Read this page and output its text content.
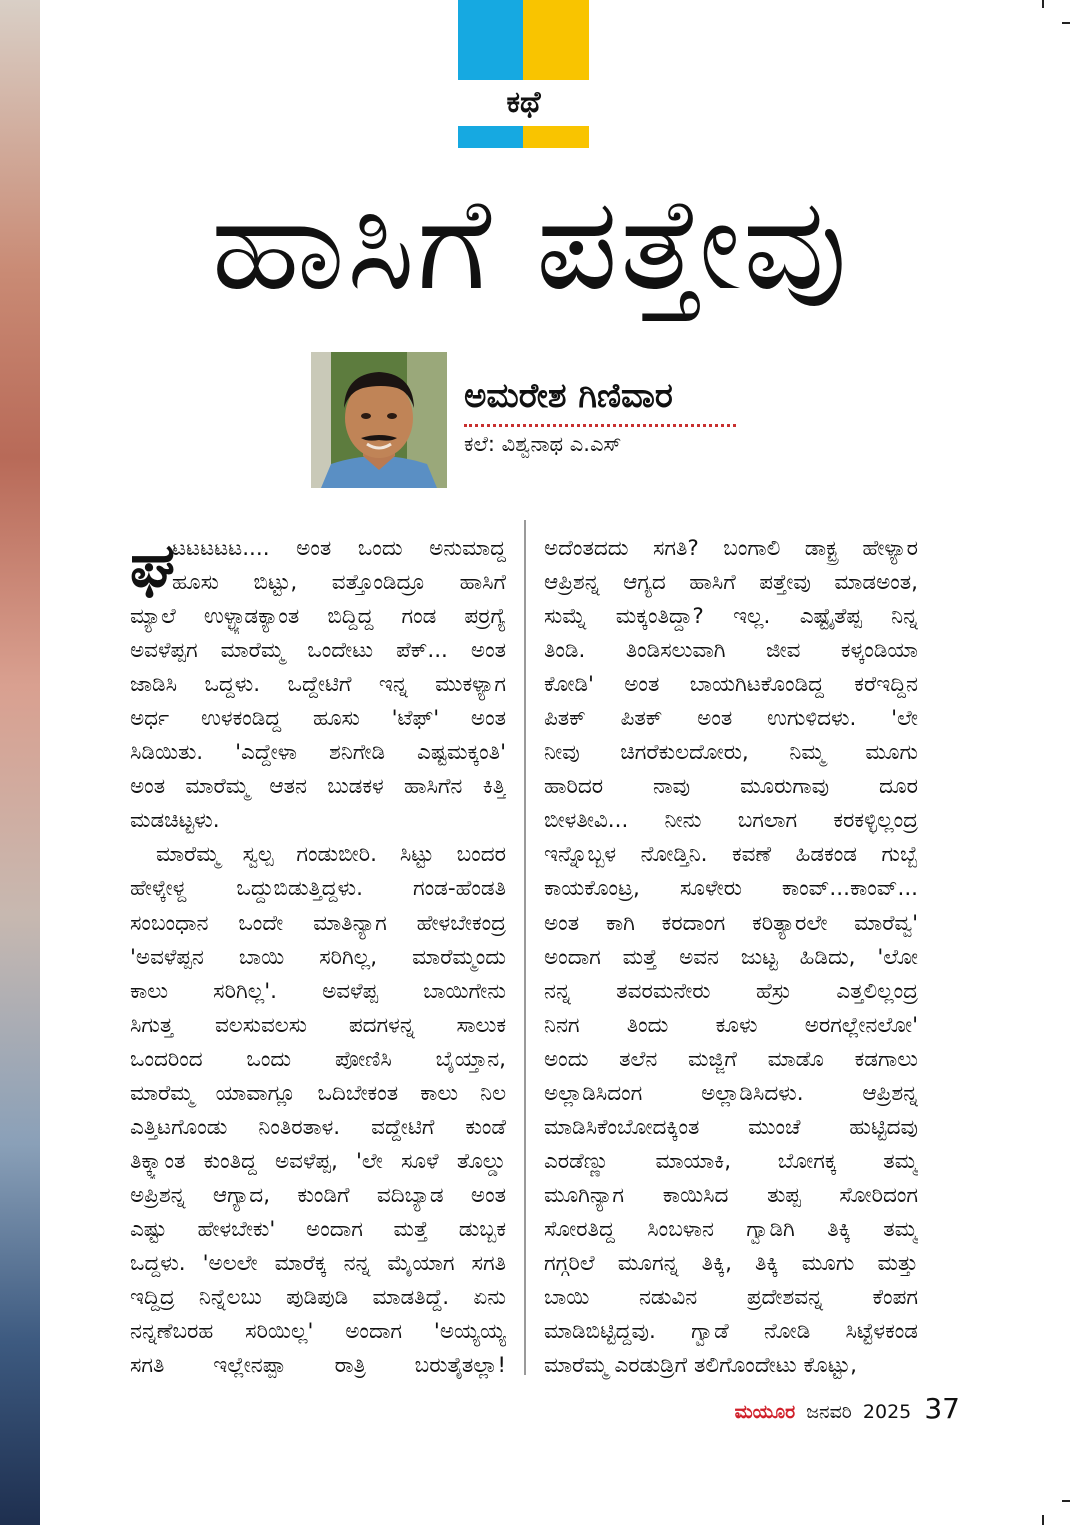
ಕಥೆ
ಹಾಸಿಗೆ ಪತ್ತೇವು
ಅಮರೇಶ ಗಿಣಿವಾರ
ಕಲೆ: ವಿಶ್ವನಾಥ ಎ.ಎಸ್
ಘ
ಟಟಟಟಟ.... ಅಂತ ಒಂದು ಅನುಮಾದ್ದ
ಹೂಸು ಬಿಟ್ಟು, ವತ್ತೊಂಡಿದ್ರೂ ಹಾಸಿಗೆ
ಮ್ಯಾಲೆ ಉಳ್ಳ್ಯಾಡಕ್ಯಾಂತ ಬಿದ್ದಿದ್ದ ಗಂಡ ಪರ್ರಗ್ಯೆ
ಅವಳೆಪ್ಪಗ ಮಾರೆಮ್ಮ ಒಂದೇಟು ಪೆಕ್... ಅಂತ
ಜಾಡಿಸಿ ಒದ್ದಳು. ಒದ್ದೇಟಿಗೆ ಇನ್ನ ಮುಕಳ್ಯಾಗ
ಅರ್ಧ ಉಳಕಂಡಿದ್ದ ಹೂಸು 'ಟೆಫ್' ಅಂತ
ಸಿಡಿಯಿತು. 'ಎದ್ದೇಳಾ ಶನಿಗೇಡಿ ಎಷ್ಟಮಕ್ಕಂತಿ'
ಅಂತ ಮಾರೆಮ್ಮ ಆತನ ಬುಡಕಳ ಹಾಸಿಗೆನ ಕಿತ್ತಿ
ಮಡಚಿಟ್ಟಳು.
ಮಾರೆಮ್ಮ ಸ್ವಲ್ಪ ಗಂಡುಬೀರಿ. ಸಿಟ್ಟು ಬಂದರ
ಹೇಳ್ಕೇಳ್ದ ಒದ್ದುಬಿಡುತ್ತಿದ್ದಳು. ಗಂಡ-ಹೆಂಡತಿ
ಸಂಬಂಧಾನ ಒಂದೇ ಮಾತಿನ್ಯಾಗ ಹೇಳಬೇಕಂದ್ರ
'ಅವಳೆಪ್ಪನ ಬಾಯಿ ಸರಿಗಿಲ್ಲ, ಮಾರೆಮ್ಮಂದು
ಕಾಲು ಸರಿಗಿಲ್ಲ'. ಅವಳೆಪ್ಪ ಬಾಯಿಗೇನು
ಸಿಗುತ್ತ ವಲಸುವಲಸು ಪದಗಳನ್ನ ಸಾಲುಕ
ಒಂದರಿಂದ ಒಂದು ಪೋಣಿಸಿ ಬೈಯ್ತಾನ,
ಮಾರೆಮ್ಮ ಯಾವಾಗ್ಲೂ ಒದಿಬೇಕಂತ ಕಾಲು ನಿಲ
ಎತ್ತಿಟಗೊಂಡು ನಿಂತಿರತಾಳ. ವದ್ದೇಟಿಗೆ ಕುಂಡೆ
ತಿಕ್ಕ್ಯಾಂತ ಕುಂತಿದ್ದ ಅವಳೆಪ್ಪ, 'ಲೇ ಸೂಳೆ ತೊಲ್ಡು
ಅಪ್ರಿಶನ್ನ ಆಗ್ಯಾದ, ಕುಂಡಿಗೆ ವದಿಬ್ಯಾಡ ಅಂತ
ಎಷ್ಟು ಹೇಳಬೇಕು' ಅಂದಾಗ ಮತ್ತೆ ಡುಬ್ಬಕ
ಒದ್ದಳು. 'ಅಲಲೇ ಮಾರೆಕ್ಕ ನನ್ನ ಮೈಯಾಗ ಸಗತಿ
ಇದ್ದಿದ್ರ ನಿನ್ನೆಲಬು ಪುಡಿಪುಡಿ ಮಾಡತಿದ್ದೆ. ಏನು
ನನ್ನಣೆಬರಹ ಸರಿಯಿಲ್ಲ' ಅಂದಾಗ 'ಅಯ್ಯಯ್ಯ
ಸಗತಿ ಇಲ್ಲೇನಪ್ಪಾ ರಾತ್ರಿ ಬರುತೈತಲ್ಲಾ!
ಅದೆಂತದದು ಸಗತಿ? ಬಂಗಾಲಿ ಡಾಕ್ಟ್ರ ಹೇಳ್ಯಾರ
ಆಪ್ರಿಶನ್ನ ಆಗ್ಯದ ಹಾಸಿಗೆ ಪತ್ತೇವು ಮಾಡಅಂತ,
ಸುಮ್ನೆ ಮಕ್ಕಂತಿದ್ದಾ? ಇಲ್ಲ. ಎಷ್ಟೈತೆಪ್ಪ ನಿನ್ನ
ತಿಂಡಿ. ತಿಂಡಿಸಲುವಾಗಿ ಜೀವ ಕಳ್ಕಂಡಿಯಾ
ಕೋಡಿ' ಅಂತ ಬಾಯಗಿಟಕೊಂಡಿದ್ದ ಕರೆಇದ್ದಿನ
ಪಿತಕ್ ಪಿತಕ್ ಅಂತ ಉಗುಳಿದಳು. 'ಲೇ
ನೀವು ಚಿಗರೆಕುಲದೋರು, ನಿಮ್ಮ ಮೂಗು
ಹಾರಿದರ ನಾವು ಮೂರುಗಾವು ದೂರ
ಬೀಳತೀವಿ... ನೀನು ಬಗಲಾಗ ಕರಕಳ್ಳಿಲ್ಲಂದ್ರ
ಇನ್ನೊಬ್ಬಳ ನೋಡ್ತಿನಿ. ಕವಣೆ ಹಿಡಕಂಡ ಗುಬ್ಬೆ
ಕಾಯಕೊಂಟ್ರ, ಸೂಳೇರು ಕಾಂವ್...ಕಾಂವ್...
ಅಂತ ಕಾಗಿ ಕರದಾಂಗ ಕರಿತ್ಯಾರಲೇ ಮಾರೆವ್ವ'
ಅಂದಾಗ ಮತ್ತೆ ಅವನ ಜುಟ್ಟ ಹಿಡಿದು, 'ಲೋ
ನನ್ನ ತವರಮನೇರು ಹೆಸ್ರು ಎತ್ತಲಿಲ್ಲಂದ್ರ
ನಿನಗ ತಿಂದು ಕೂಳು ಅರಗಲ್ಲೇನಲೋ'
ಅಂದು ತಲೆನ ಮಜ್ಜಿಗೆ ಮಾಡೊ ಕಡಗಾಲು
ಅಲ್ಲಾಡಿಸಿದಂಗ ಅಲ್ಲಾಡಿಸಿದಳು. ಆಪ್ರಿಶನ್ನ
ಮಾಡಿಸಿಕೆಂಬೋದಕ್ಕಿಂತ ಮುಂಚೆ ಹುಟ್ಟಿದವು
ಎರಡೆಣ್ಣು ಮಾಯಾಕಿ, ಬೋಗಕ್ಕ ತಮ್ಮ
ಮೂಗಿನ್ಯಾಗ ಕಾಯಿಸಿದ ತುಪ್ಪ ಸೋರಿದಂಗ
ಸೋರತಿದ್ದ ಸಿಂಬಳಾನ ಗ್ವಾಡಿಗಿ ತಿಕ್ಕಿ ತಮ್ಮ
ಗಗ್ಗರಿಲೆ ಮೂಗನ್ನ ತಿಕ್ಕಿ, ತಿಕ್ಕಿ ಮೂಗು ಮತ್ತು
ಬಾಯಿ ನಡುವಿನ ಪ್ರದೇಶವನ್ನ ಕೆಂಪಗ
ಮಾಡಿಬಿಟ್ಟಿದ್ದವು. ಗ್ವಾಡೆ ನೋಡಿ ಸಿಟ್ಟೆಳಕಂಡ
ಮಾರೆಮ್ಮ ಎರಡುಡ್ರಿಗೆ ತಲಿಗೊಂದೇಟು ಕೊಟ್ಟು,
ಮಯೂರ ಜನವರಿ 2025 37
